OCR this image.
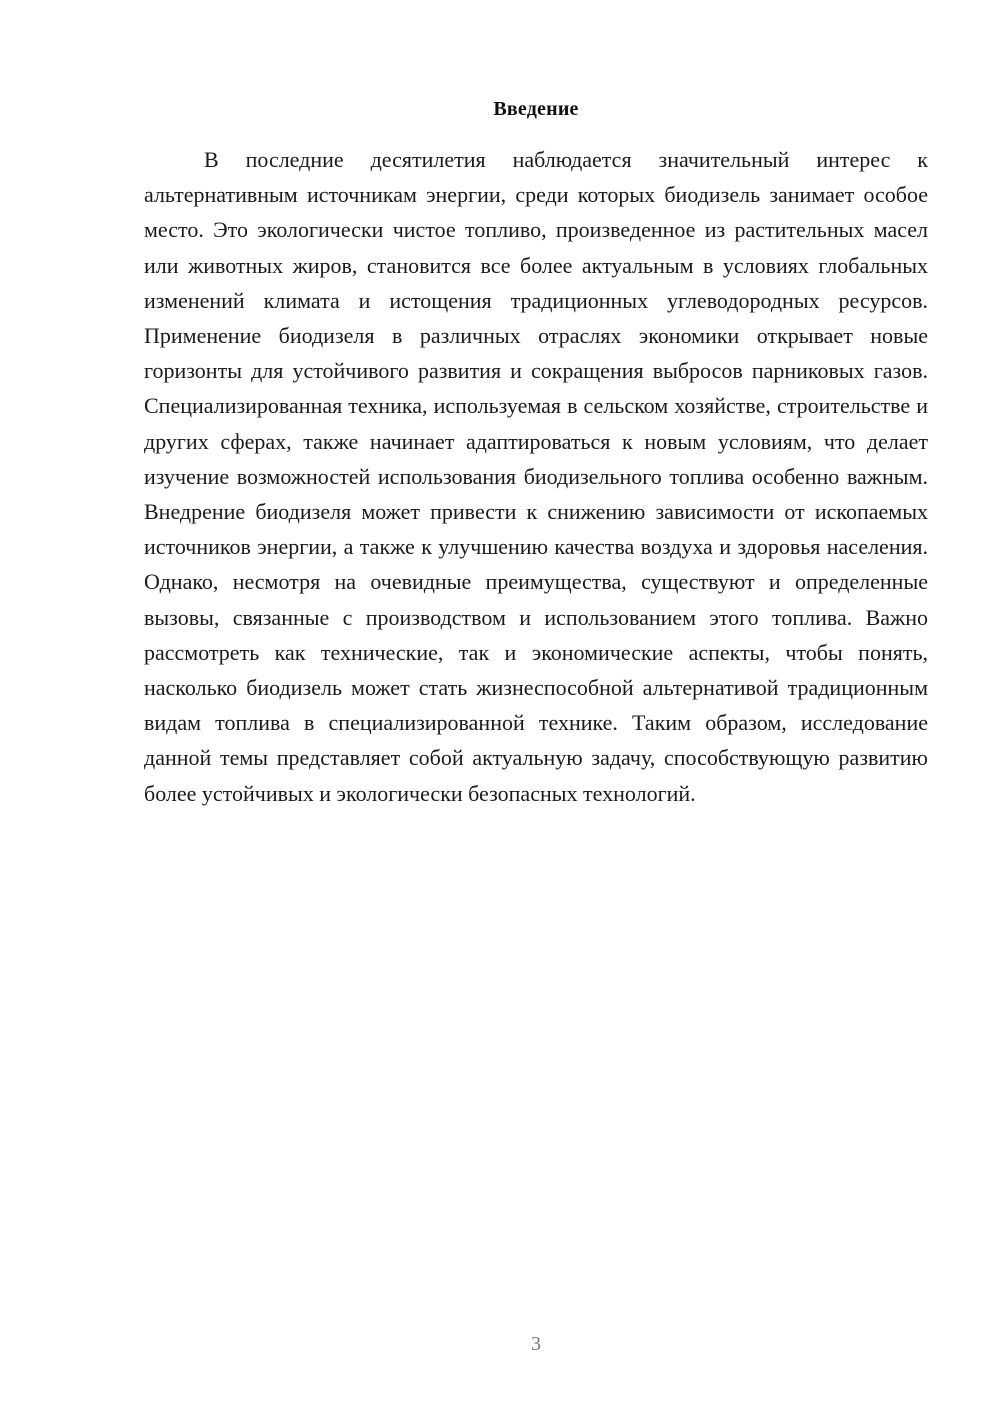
Введение

В последние десятилетия наблюдается значительный интерес к альтернативным источникам энергии, среди которых биодизель занимает особое место. Это экологически чистое топливо, произведенное из растительных масел или животных жиров, становится все более актуальным в условиях глобальных изменений климата и истощения традиционных углеводородных ресурсов. Применение биодизеля в различных отраслях экономики открывает новые горизонты для устойчивого развития и сокращения выбросов парниковых газов. Специализированная техника, используемая в сельском хозяйстве, строительстве и других сферах, также начинает адаптироваться к новым условиям, что делает изучение возможностей использования биодизельного топлива особенно важным. Внедрение биодизеля может привести к снижению зависимости от ископаемых источников энергии, а также к улучшению качества воздуха и здоровья населения. Однако, несмотря на очевидные преимущества, существуют и определенные вызовы, связанные с производством и использованием этого топлива. Важно рассмотреть как технические, так и экономические аспекты, чтобы понять, насколько биодизель может стать жизнеспособной альтернативой традиционным видам топлива в специализированной технике. Таким образом, исследование данной темы представляет собой актуальную задачу, способствующую развитию более устойчивых и экологически безопасных технологий.

3
